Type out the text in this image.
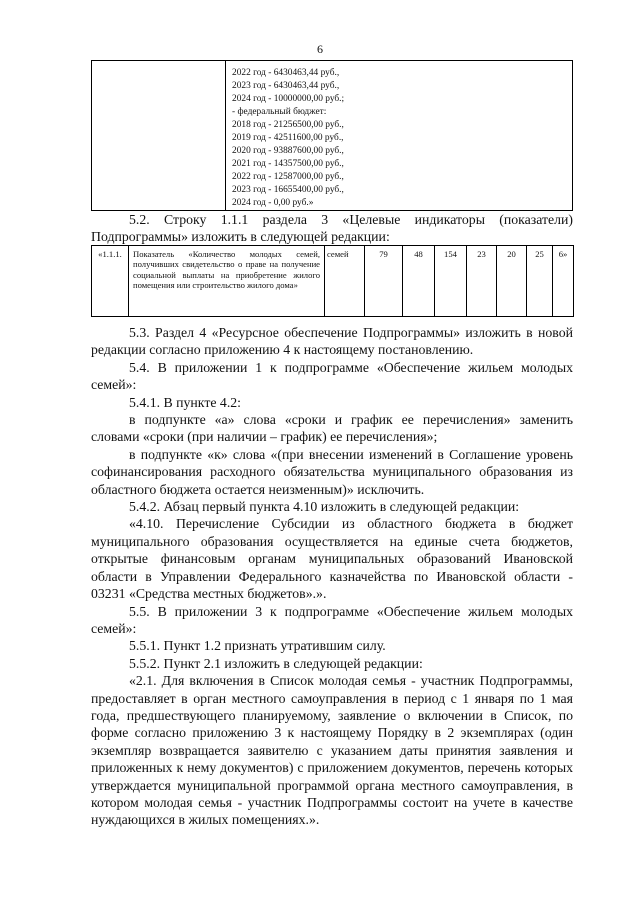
6

2022 год - 6430463,44 руб.,
2023 год - 6430463,44 руб.,
2024 год - 10000000,00 руб.;
- федеральный бюджет:
2018 год - 21256500,00 руб.,
2019 год - 42511600,00 руб.,
2020 год - 93887600,00 руб.,
2021 год - 14357500,00 руб.,
2022 год - 12587000,00 руб.,
2023 год - 16655400,00 руб.,
2024 год - 0,00 руб.»

5.2. Строку 1.1.1 раздела 3 «Целевые индикаторы (показатели) Подпрограммы» изложить в следующей редакции:

«1.1.1.	Показатель «Количество молодых семей, получивших свидетельство о праве на получение социальной выплаты на приобретение жилого помещения или строительство жилого дома»	семей	79	48	154	23	20	25	6»

5.3. Раздел 4 «Ресурсное обеспечение Подпрограммы» изложить в новой редакции согласно приложению 4 к настоящему постановлению.

5.4. В приложении 1 к подпрограмме «Обеспечение жильем молодых семей»:

5.4.1. В пункте 4.2:

в подпункте «а» слова «сроки и график ее перечисления» заменить словами «сроки (при наличии – график) ее перечисления»;

в подпункте «к» слова «(при внесении изменений в Соглашение уровень софинансирования расходного обязательства муниципального образования из областного бюджета остается неизменным)» исключить.

5.4.2. Абзац первый пункта 4.10 изложить в следующей редакции:

«4.10. Перечисление Субсидии из областного бюджета в бюджет муниципального образования осуществляется на единые счета бюджетов, открытые финансовым органам муниципальных образований Ивановской области в Управлении Федерального казначейства по Ивановской области - 03231 «Средства местных бюджетов».».

5.5. В приложении 3 к подпрограмме «Обеспечение жильем молодых семей»:

5.5.1. Пункт 1.2 признать утратившим силу.

5.5.2. Пункт 2.1 изложить в следующей редакции:

«2.1. Для включения в Список молодая семья - участник Подпрограммы, предоставляет в орган местного самоуправления в период с 1 января по 1 мая года, предшествующего планируемому, заявление о включении в Список, по форме согласно приложению 3 к настоящему Порядку в 2 экземплярах (один экземпляр возвращается заявителю с указанием даты принятия заявления и приложенных к нему документов) с приложением документов, перечень которых утверждается муниципальной программой органа местного самоуправления, в котором молодая семья - участник Подпрограммы состоит на учете в качестве нуждающихся в жилых помещениях.».
